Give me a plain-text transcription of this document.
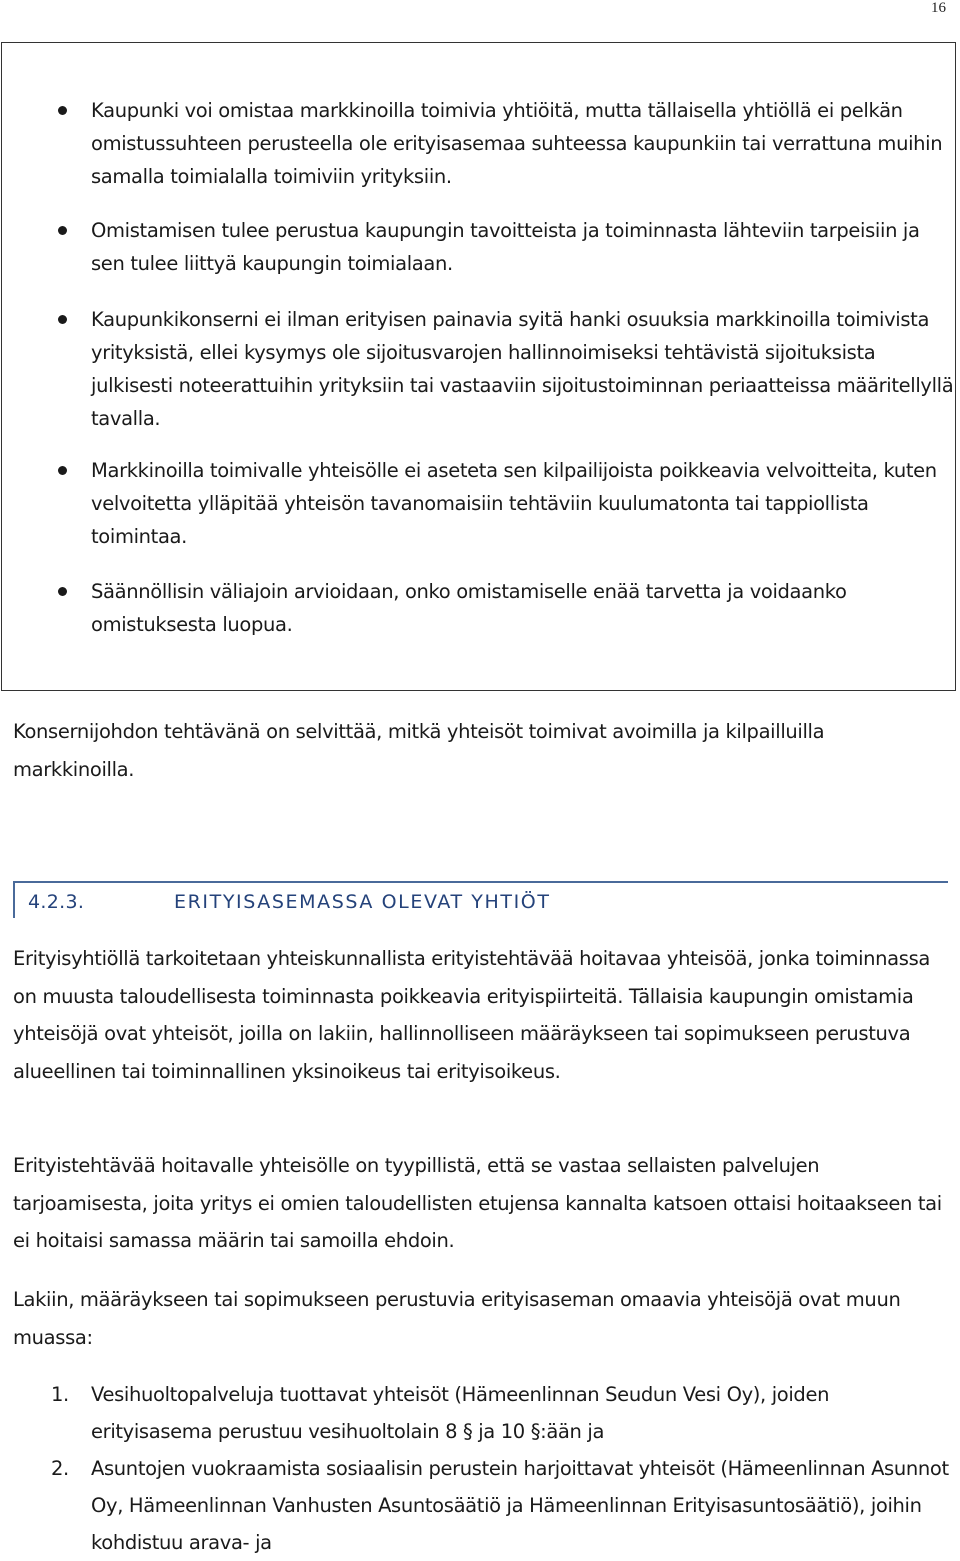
16
Kaupunki voi omistaa markkinoilla toimivia yhtiöitä, mutta tällaisella yhtiöllä ei pelkän omistussuhteen perusteella ole erityisasemaa suhteessa kaupunkiin tai verrattuna muihin samalla toimialalla toimiviin yrityksiin.
Omistamisen tulee perustua kaupungin tavoitteista ja toiminnasta lähteviin tarpeisiin ja sen tulee liittyä kaupungin toimialaan.
Kaupunkikonserni ei ilman erityisen painavia syitä hanki osuuksia markkinoilla toimivista yrityksistä, ellei kysymys ole sijoitusvarojen hallinnoimiseksi tehtävistä sijoituksista julkisesti noteerattuihin yrityksiin tai vastaaviin sijoitustoiminnan periaatteissa määritellyllä tavalla.
Markkinoilla toimivalle yhteisölle ei aseteta sen kilpailijoista poikkeavia velvoitteita, kuten velvoitetta ylläpitää yhteisön tavanomaisiin tehtäviin kuulumatonta tai tappiollista toimintaa.
Säännöllisin väliajoin arvioidaan, onko omistamiselle enää tarvetta ja voidaanko omistuksesta luopua.

Konsernijohdon tehtävänä on selvittää, mitkä yhteisöt toimivat avoimilla ja kilpailluilla markkinoilla.

4.2.3.	ERITYISASEMASSA OLEVAT YHTIÖT

Erityisyhtiöllä tarkoitetaan yhteiskunnallista erityistehtävää hoitavaa yhteisöä, jonka toiminnassa on muusta taloudellisesta toiminnasta poikkeavia erityispiirteitä. Tällaisia kaupungin omistamia yhteisöjä ovat yhteisöt, joilla on lakiin, hallinnolliseen määräykseen tai sopimukseen perustuva alueellinen tai toiminnallinen yksinoikeus tai erityisoikeus.

Erityistehtävää hoitavalle yhteisölle on tyypillistä, että se vastaa sellaisten palvelujen tarjoamisesta, joita yritys ei omien taloudellisten etujensa kannalta katsoen ottaisi hoitaakseen tai ei hoitaisi samassa määrin tai samoilla ehdoin.

Lakiin, määräykseen tai sopimukseen perustuvia erityisaseman omaavia yhteisöjä ovat muun muassa:

1. Vesihuoltopalveluja tuottavat yhteisöt (Hämeenlinnan Seudun Vesi Oy), joiden erityisasema perustuu vesihuoltolain 8 § ja 10 §:ään ja
2. Asuntojen vuokraamista sosiaalisin perustein harjoittavat yhteisöt (Hämeenlinnan Asunnot Oy, Hämeenlinnan Vanhusten Asuntosäätiö ja Hämeenlinnan Erityisasuntosäätiö), joihin kohdistuu arava- ja
